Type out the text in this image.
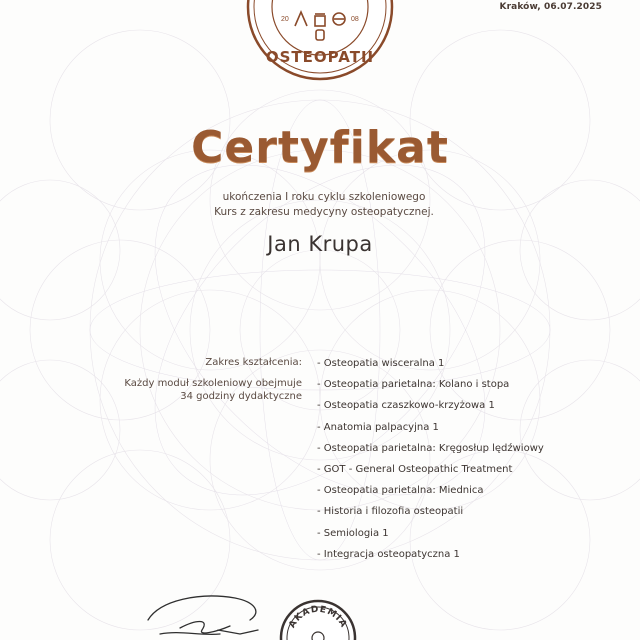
Kraków, 06.07.2025
20	08
OSTEOPATII
Certyfikat
ukończenia I roku cyklu szkoleniowego
Kurs z zakresu medycyny osteopatycznej.
Jan Krupa
Zakres kształcenia:
Każdy moduł szkoleniowy obejmuje 34 godziny dydaktyczne
- Osteopatia wisceralna 1
- Osteopatia parietalna: Kolano i stopa
- Osteopatia czaszkowo-krzyżowa 1
- Anatomia palpacyjna 1
- Osteopatia parietalna: Kręgosłup lędźwiowy
- GOT - General Osteopathic Treatment
- Osteopatia parietalna: Miednica
- Historia i filozofia osteopatii
- Semiologia 1
- Integracja osteopatyczna 1
AKADEMIA
